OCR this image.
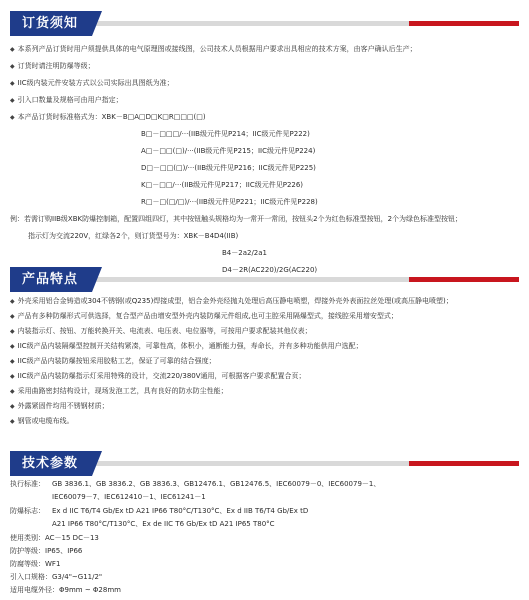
订货须知
◆ 本系列产品订货时用户须提供具体的电气原理图或接线图，公司技术人员根据用户要求出具相应的技术方案，由客户确认后生产；
◆ 订货时请注明防爆等级；
◆ IIC级内装元件安装方式以公司实际出具图纸为准；
◆ 引入口数量及规格可由用户指定；
◆ 本产品订货时标准格式为：XBK－B□A□D□K□R□□□(□)
B□－□□□/···(IIB级元件见P214；IIC级元件见P222)
A□－□□(□)/···(IIB级元件见P215；IIC级元件见P224)
D□－□□(□)/···(IIB级元件见P216；IIC级元件见P225)
K□－□□/···(IIB级元件见P217；IIC级元件见P226)
R□－□(□/□)/···(IIB级元件见P221；IIC级元件见P228)
例：若需订购IIB级XBK防爆控制箱，配置四组四灯，其中按钮触头规格均为一常开一常闭，按钮头2个为红色标准型按钮，2个为绿色标准型按钮；
指示灯为交流220V，红绿各2个，则订货型号为：XBK－B4D4(IIB)
B4－2a2/2a1
D4－2R(AC220)/2G(AC220)
产品特点
◆ 外壳采用铝合金铸造或304不锈钢(或Q235)焊接成型，铝合金外壳经抛丸处理后高压静电喷塑，焊接外壳外表面拉丝处理(或高压静电喷塑)；
◆ 产品有多种防爆形式可供选择，复合型产品由增安型外壳内装防爆元件组成,也可主腔采用隔爆型式，接线腔采用增安型式；
◆ 内装指示灯、按钮、万能转换开关、电流表、电压表、电位器等，可按用户要求配装其他仪表；
◆ IIC级产品内装隔爆型控制开关结构紧凑，可靠性高，体积小，通断能力强，寿命长，并有多种功能供用户选配；
◆ IIC级产品内装防爆按钮采用胶粘工艺，保证了可靠的结合强度；
◆ IIC级产品内装防爆指示灯采用特殊的设计，交流220/380V通用，可根据客户要求配置合页；
◆ 采用曲路密封结构设计，现场发泡工艺，具有良好的防水防尘性能；
◆ 外露紧固件均用不锈钢材质；
◆ 钢管或电缆布线。
技术参数
执行标准： GB 3836.1、GB 3836.2、GB 3836.3、GB12476.1、GB12476.5、IEC60079－0、IEC60079－1、
IEC60079－7、IEC612410－1、IEC61241－1
防爆标志： Ex d IIC T6/T4 Gb/Ex tD A21 IP66 T80°C/T130°C、Ex d IIB T6/T4 Gb/Ex tD
A21 IP66 T80°C/T130°C、Ex de IIC T6 Gb/Ex tD A21 IP65 T80°C
使用类别：AC－15 DC－13
防护等级：IP65、IP66
防腐等级：WF1
引入口规格：G3/4"~G11/2"
适用电缆外径：Φ9mm ~ Φ28mm
